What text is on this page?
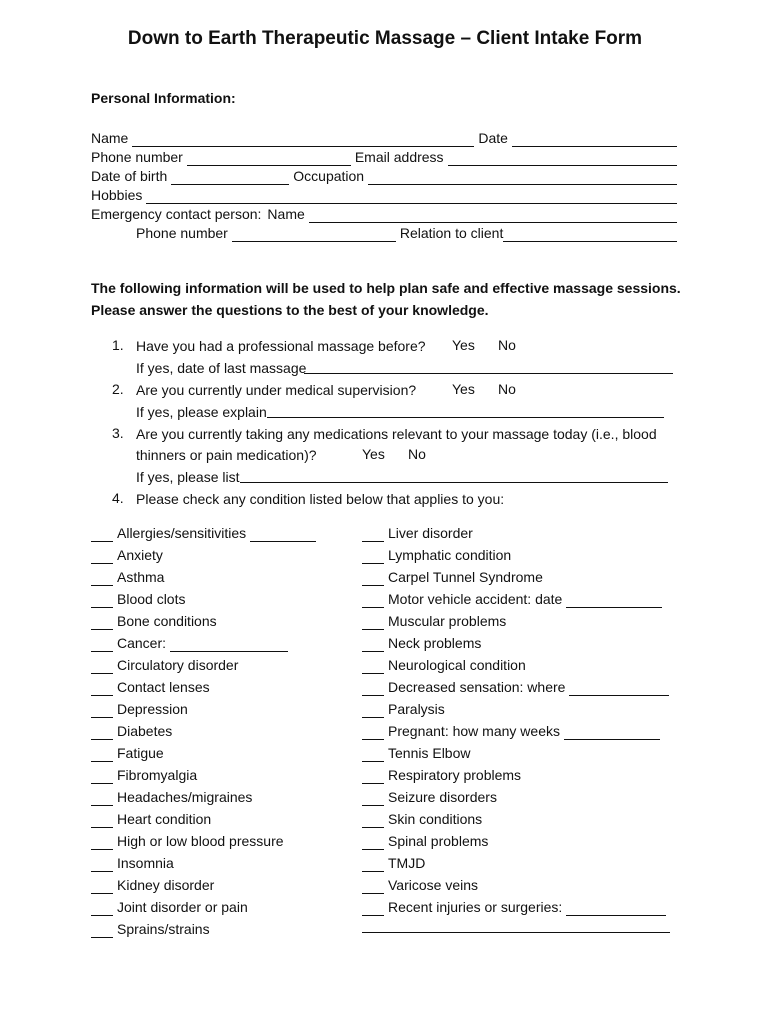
Down to Earth Therapeutic Massage – Client Intake Form
Personal Information:
Name	Date
Phone number	Email address
Date of birth	Occupation
Hobbies
Emergency contact person: Name
Phone number	Relation to client
The following information will be used to help plan safe and effective massage sessions.
Please answer the questions to the best of your knowledge.
1. Have you had a professional massage before? Yes No
If yes, date of last massage
2. Are you currently under medical supervision?	Yes No
If yes, please explain
3. Are you currently taking any medications relevant to your massage today (i.e., blood
thinners or pain medication)?	Yes No
If yes, please list
4. Please check any condition listed below that applies to you:
Allergies/sensitivities
Anxiety
Asthma
Blood clots
Bone conditions
Cancer:
Circulatory disorder
Contact lenses
Depression
Diabetes
Fatigue
Fibromyalgia
Headaches/migraines
Heart condition
High or low blood pressure
Insomnia
Kidney disorder
Joint disorder or pain
Sprains/strains
Liver disorder
Lymphatic condition
Carpel Tunnel Syndrome
Motor vehicle accident: date
Muscular problems
Neck problems
Neurological condition
Decreased sensation: where
Paralysis
Pregnant: how many weeks
Tennis Elbow
Respiratory problems
Seizure disorders
Skin conditions
Spinal problems
TMJD
Varicose veins
Recent injuries or surgeries:
